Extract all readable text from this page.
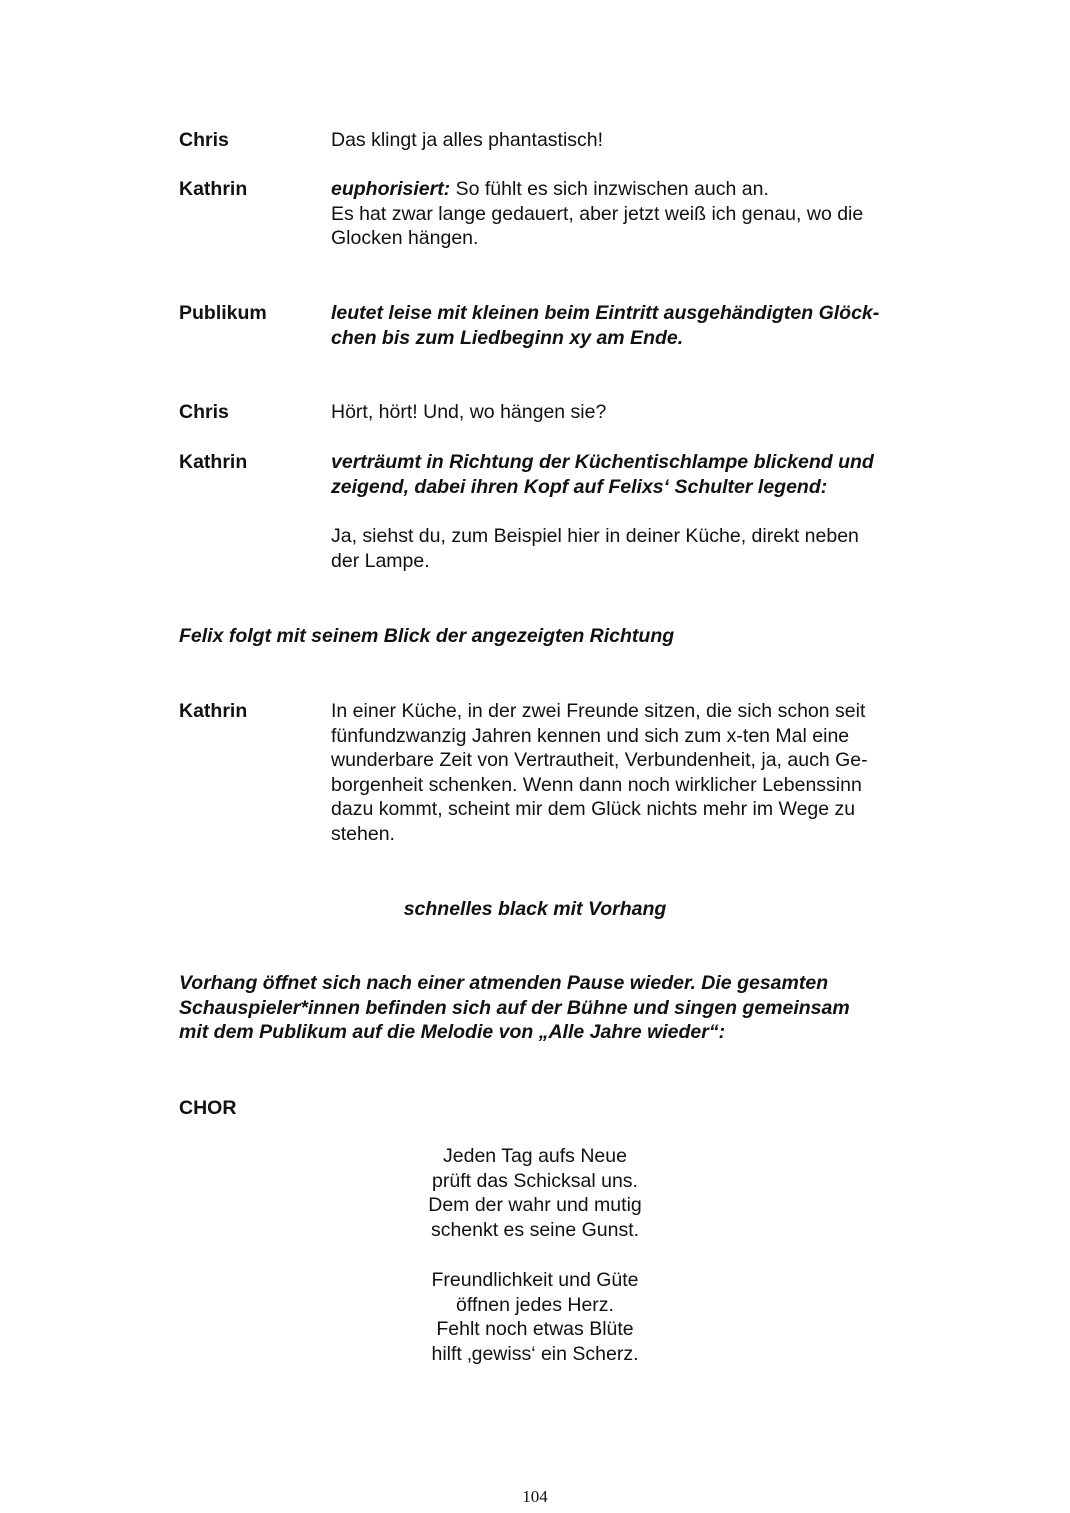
Chris	Das klingt ja alles phantastisch!
Kathrin	euphorisiert: So fühlt es sich inzwischen auch an.
Es hat zwar lange gedauert, aber jetzt weiß ich genau, wo die
Glocken hängen.
Publikum	leutet leise mit kleinen beim Eintritt ausgehändigten Glöck-
chen bis zum Liedbeginn xy am Ende.
Chris	Hört, hört! Und, wo hängen sie?
Kathrin	verträumt in Richtung der Küchentischlampe blickend und
zeigend, dabei ihren Kopf auf Felixs‘ Schulter legend:
Ja, siehst du, zum Beispiel hier in deiner Küche, direkt neben
der Lampe.
Felix folgt mit seinem Blick der angezeigten Richtung
Kathrin	In einer Küche, in der zwei Freunde sitzen, die sich schon seit
fünfundzwanzig Jahren kennen und sich zum x-ten Mal eine
wunderbare Zeit von Vertrautheit, Verbundenheit, ja, auch Ge-
borgenheit schenken. Wenn dann noch wirklicher Lebenssinn
dazu kommt, scheint mir dem Glück nichts mehr im Wege zu
stehen.
schnelles black mit Vorhang
Vorhang öffnet sich nach einer atmenden Pause wieder. Die gesamten
Schauspieler*innen befinden sich auf der Bühne und singen gemeinsam
mit dem Publikum auf die Melodie von „Alle Jahre wieder“:
CHOR
Jeden Tag aufs Neue
prüft das Schicksal uns.
Dem der wahr und mutig
schenkt es seine Gunst.
Freundlichkeit und Güte
öffnen jedes Herz.
Fehlt noch etwas Blüte
hilft ‚gewiss‘ ein Scherz.
104
